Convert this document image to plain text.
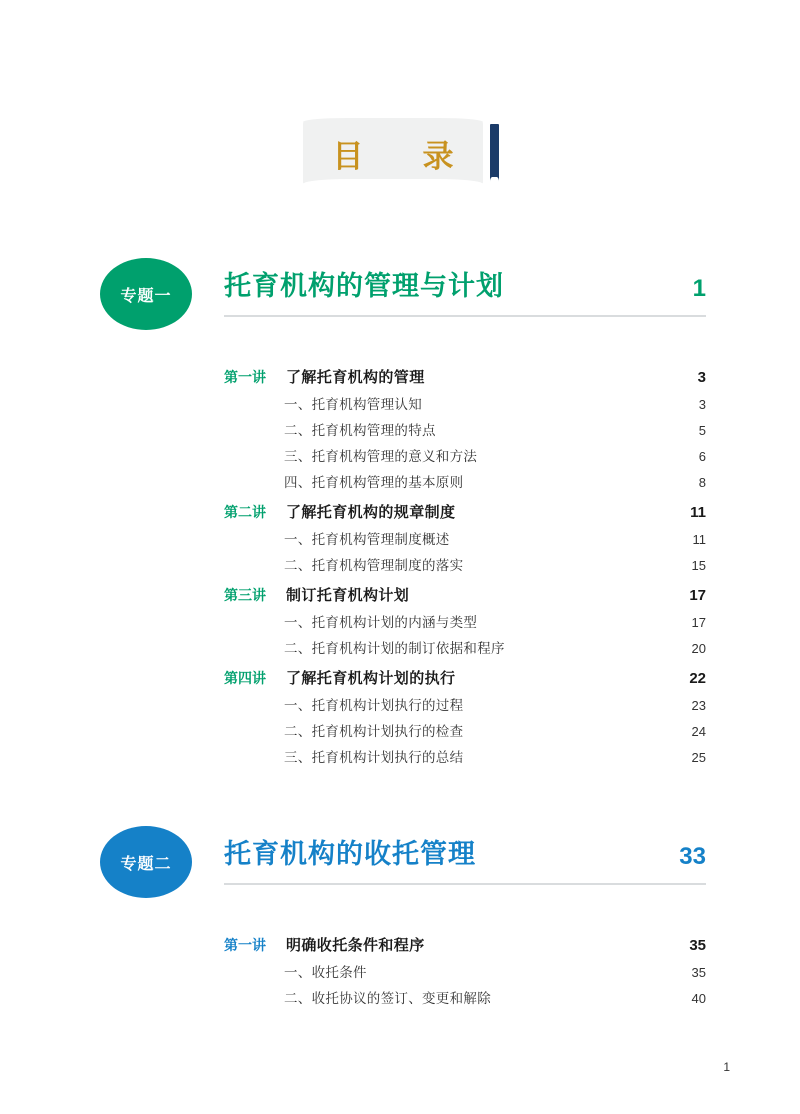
目　录
专题一	托育机构的管理与计划	1
第一讲	了解托育机构的管理	3
一、托育机构管理认知	3
二、托育机构管理的特点	5
三、托育机构管理的意义和方法	6
四、托育机构管理的基本原则	8
第二讲	了解托育机构的规章制度	11
一、托育机构管理制度概述	11
二、托育机构管理制度的落实	15
第三讲	制订托育机构计划	17
一、托育机构计划的内涵与类型	17
二、托育机构计划的制订依据和程序	20
第四讲	了解托育机构计划的执行	22
一、托育机构计划执行的过程	23
二、托育机构计划执行的检查	24
三、托育机构计划执行的总结	25
专题二	托育机构的收托管理	33
第一讲	明确收托条件和程序	35
一、收托条件	35
二、收托协议的签订、变更和解除	40
1
